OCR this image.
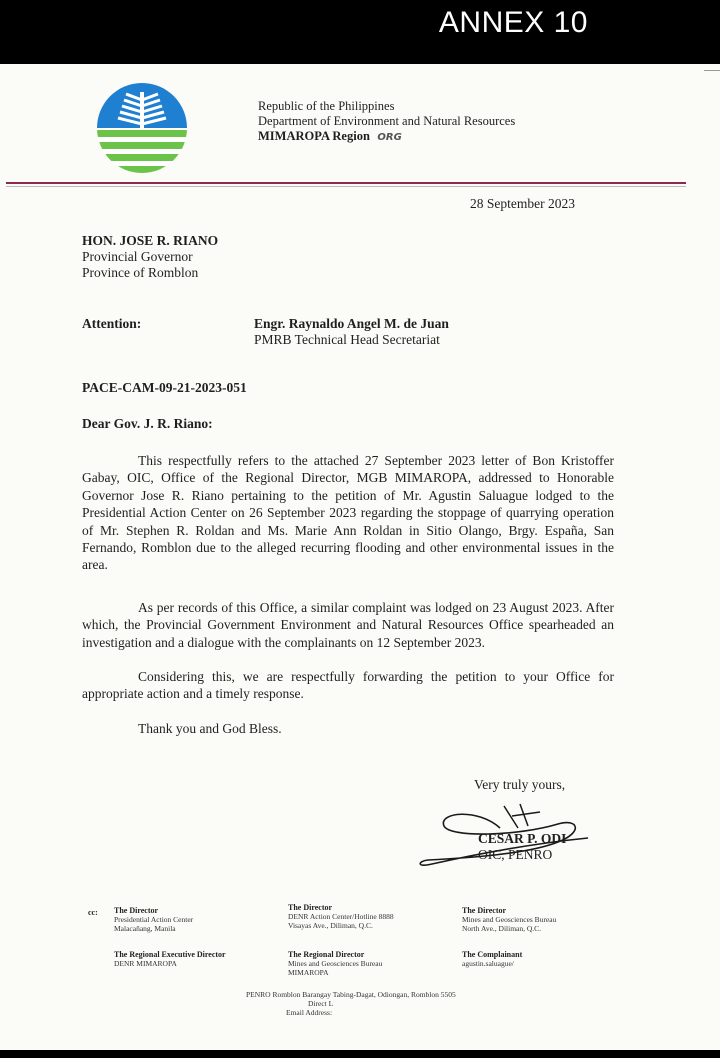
ANNEX 10
Republic of the Philippines
Department of Environment and Natural Resources
MIMAROPA Region ORG
28 September 2023
HON. JOSE R. RIANO
Provincial Governor
Province of Romblon
Attention:	Engr. Raynaldo Angel M. de Juan
PMRB Technical Head Secretariat
PACE-CAM-09-21-2023-051
Dear Gov. J. R. Riano:

This respectfully refers to the attached 27 September 2023 letter of Bon Kristoffer Gabay, OIC, Office of the Regional Director, MGB MIMAROPA, addressed to Honorable Governor Jose R. Riano pertaining to the petition of Mr. Agustin Saluague lodged to the Presidential Action Center on 26 September 2023 regarding the stoppage of quarrying operation of Mr. Stephen R. Roldan and Ms. Marie Ann Roldan in Sitio Olango, Brgy. España, San Fernando, Romblon due to the alleged recurring flooding and other environmental issues in the area.

As per records of this Office, a similar complaint was lodged on 23 August 2023. After which, the Provincial Government Environment and Natural Resources Office spearheaded an investigation and a dialogue with the complainants on 12 September 2023.

Considering this, we are respectfully forwarding the petition to your Office for appropriate action and a timely response.

Thank you and God Bless.
Very truly yours,
CESAR P. ODI
OIC, PENRO
cc: The Director
Presidential Action Center
Malacañang, Manila
The Director
DENR Action Center/Hotline 8888
Visayas Ave., Diliman, Q.C.
The Director
Mines and Geosciences Bureau
North Ave., Diliman, Q.C.
The Regional Executive Director
DENR MIMAROPA
The Regional Director
Mines and Geosciences Bureau
MIMAROPA
The Complainant
agustin.saluague/
PENRO Romblon Barangay Tabing-Dagat, Odiongan, Romblon 5505
Direct L
Email Address:
